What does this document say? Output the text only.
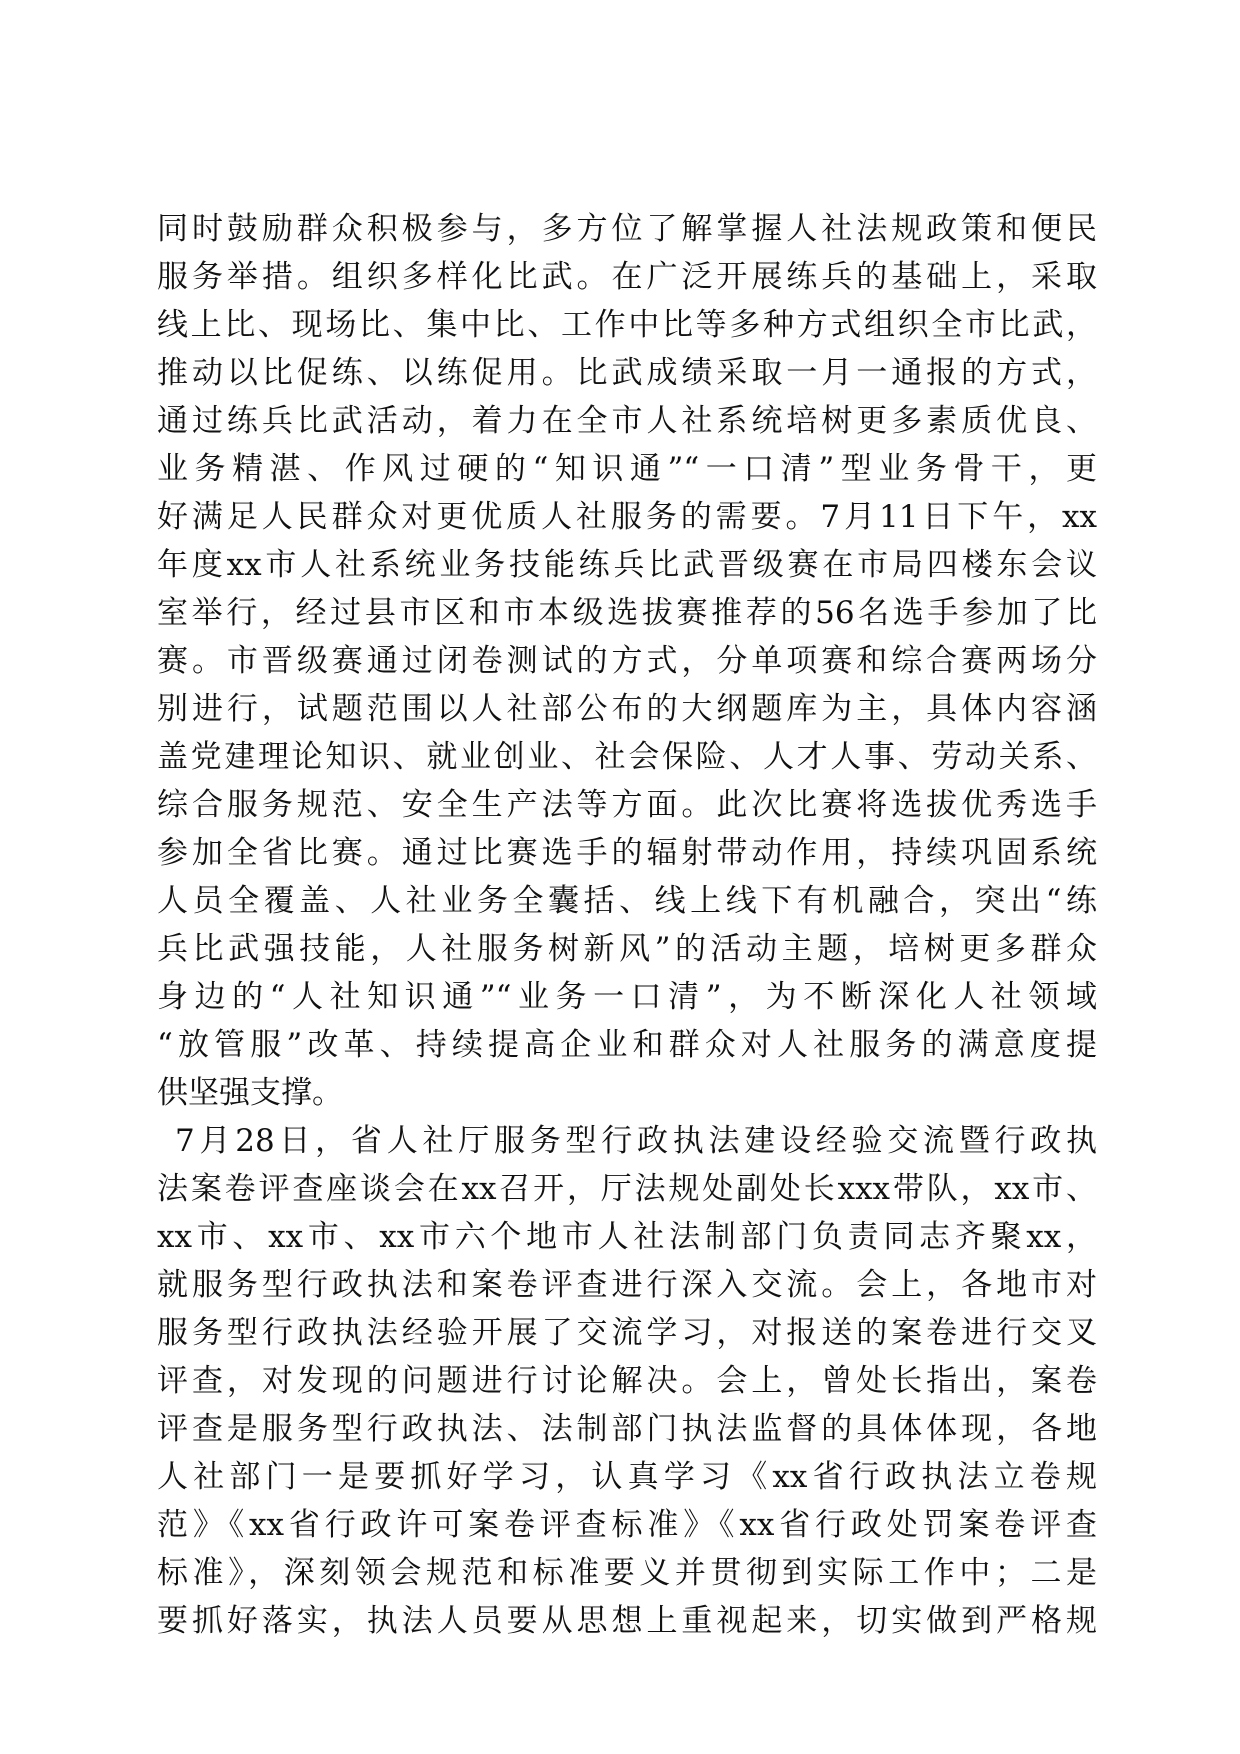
同时鼓励群众积极参与，多方位了解掌握人社法规政策和便民
服务举措。组织多样化比武。在广泛开展练兵的基础上，采取
线上比、现场比、集中比、工作中比等多种方式组织全市比武，
推动以比促练、以练促用。比武成绩采取一月一通报的方式，
通过练兵比武活动，着力在全市人社系统培树更多素质优良、
业务精湛、作风过硬的“知识通”“一口清”型业务骨干，更
好满足人民群众对更优质人社服务的需要。7月11日下午，xx
年度xx市人社系统业务技能练兵比武晋级赛在市局四楼东会议
室举行，经过县市区和市本级选拔赛推荐的56名选手参加了比
赛。市晋级赛通过闭卷测试的方式，分单项赛和综合赛两场分
别进行，试题范围以人社部公布的大纲题库为主，具体内容涵
盖党建理论知识、就业创业、社会保险、人才人事、劳动关系、
综合服务规范、安全生产法等方面。此次比赛将选拔优秀选手
参加全省比赛。通过比赛选手的辐射带动作用，持续巩固系统
人员全覆盖、人社业务全囊括、线上线下有机融合，突出“练
兵比武强技能，人社服务树新风”的活动主题，培树更多群众
身边的“人社知识通”“业务一口清”，为不断深化人社领域
“放管服”改革、持续提高企业和群众对人社服务的满意度提
供坚强支撑。
7月28日，省人社厅服务型行政执法建设经验交流暨行政执
法案卷评查座谈会在xx召开，厅法规处副处长xxx带队，xx市、
xx市、xx市、xx市六个地市人社法制部门负责同志齐聚xx，
就服务型行政执法和案卷评查进行深入交流。会上，各地市对
服务型行政执法经验开展了交流学习，对报送的案卷进行交叉
评查，对发现的问题进行讨论解决。会上，曾处长指出，案卷
评查是服务型行政执法、法制部门执法监督的具体体现，各地
人社部门一是要抓好学习，认真学习《xx省行政执法立卷规
范》《xx省行政许可案卷评查标准》《xx省行政处罚案卷评查
标准》，深刻领会规范和标准要义并贯彻到实际工作中；二是
要抓好落实，执法人员要从思想上重视起来，切实做到严格规
